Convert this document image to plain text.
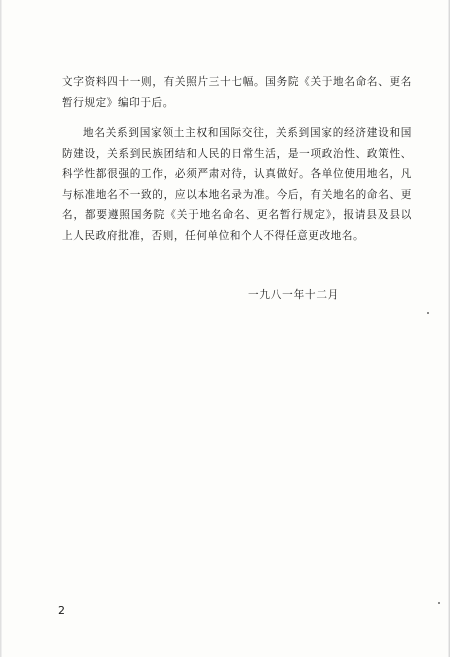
文字资料四十一则，有关照片三十七幅。国务院《关于地名命名、更名暂行规定》编印于后。

地名关系到国家领土主权和国际交往，关系到国家的经济建设和国防建设，关系到民族团结和人民的日常生活，是一项政治性、政策性、科学性都很强的工作，必须严肃对待，认真做好。各单位使用地名，凡与标准地名不一致的，应以本地名录为准。今后，有关地名的命名、更名，都要遵照国务院《关于地名命名、更名暂行规定》，报请县及县以上人民政府批准，否则，任何单位和个人不得任意更改地名。

一九八一年十二月
2
